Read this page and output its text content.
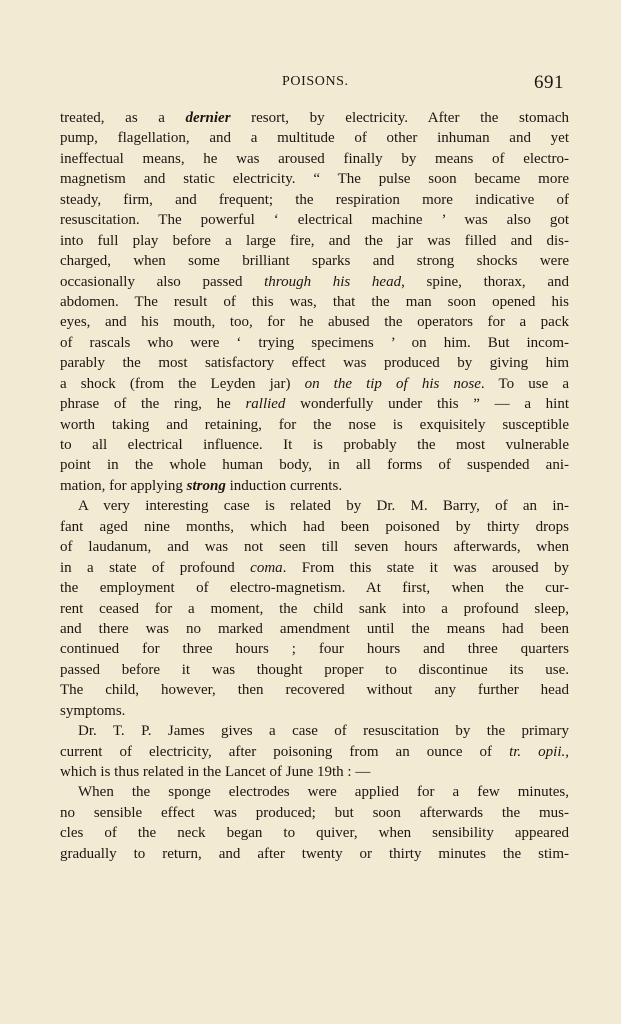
POISONS.	691
treated, as a dernier resort, by electricity. After the stomach
pump, flagellation, and a multitude of other inhuman and yet
ineffectual means, he was aroused finally by means of electro-
magnetism and static electricity. “ The pulse soon became more
steady, firm, and frequent; the respiration more indicative of
resuscitation. The powerful ‘ electrical machine ’ was also got
into full play before a large fire, and the jar was filled and dis-
charged, when some brilliant sparks and strong shocks were
occasionally also passed through his head, spine, thorax, and
abdomen. The result of this was, that the man soon opened his
eyes, and his mouth, too, for he abused the operators for a pack
of rascals who were ‘ trying specimens ’ on him. But incom-
parably the most satisfactory effect was produced by giving him
a shock (from the Leyden jar) on the tip of his nose. To use a
phrase of the ring, he rallied wonderfully under this ” — a hint
worth taking and retaining, for the nose is exquisitely susceptible
to all electrical influence. It is probably the most vulnerable
point in the whole human body, in all forms of suspended ani-
mation, for applying strong induction currents.
A very interesting case is related by Dr. M. Barry, of an in-
fant aged nine months, which had been poisoned by thirty drops
of laudanum, and was not seen till seven hours afterwards, when
in a state of profound coma. From this state it was aroused by
the employment of electro-magnetism. At first, when the cur-
rent ceased for a moment, the child sank into a profound sleep,
and there was no marked amendment until the means had been
continued for three hours ; four hours and three quarters
passed before it was thought proper to discontinue its use.
The child, however, then recovered without any further head
symptoms.
Dr. T. P. James gives a case of resuscitation by the primary
current of electricity, after poisoning from an ounce of tr. opii.,
which is thus related in the Lancet of June 19th : —
When the sponge electrodes were applied for a few minutes,
no sensible effect was produced; but soon afterwards the mus-
cles of the neck began to quiver, when sensibility appeared
gradually to return, and after twenty or thirty minutes the stim-
